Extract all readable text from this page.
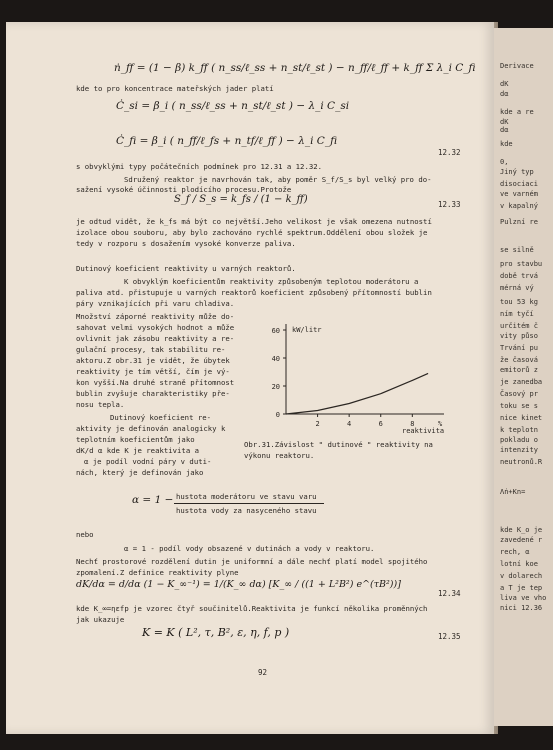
Derivace
dK
dα
kde a re
dK
dα
kde
0,
Jiný typ
disociaci
ve varném
v kapalný
Pulzní re
se silně
pro stavbu
době trvá
mérná vý
tou 53 kg
ním tyčí
určitém č
vity půso
Trvání pu
že časová
emitorů z
je zanedba
Časový pr
toku se s
nice kinet
k teplotn
pokladu o
intenzity
neutronů.R
Λṅ+Kn=
kde K_o je
zavedené r
rech, α
lotní koe
v dolarech
a T je tep
liva ve vho
nici 12.36
ṅ_ff = (1 − β) k_ff ( n_ss/ℓ_ss + n_st/ℓ_st ) − n_ff/ℓ_ff + k_ff Σ λ_i C_fi
kde to pro koncentrace mateřských jader platí
Ċ_si = β_i ( n_ss/ℓ_ss + n_st/ℓ_st ) − λ_i C_si
Ċ_fi = β_i ( n_ff/ℓ_fs + n_tf/ℓ_ff ) − λ_i C_fi
12.32
s obvyklými typy počátečních podmínek pro 12.31 a 12.32.
Sdružený reaktor je navrhován tak, aby poměr S_f/S_s byl velký pro do-
sažení vysoké účinnosti plodícího procesu.Protože
S_f / S_s = k_fs / (1 − k_ff)	12.33
je odtud vidět, že k_fs má být co největší.Jeho velikost je však omezena nutností
izolace obou souboru, aby bylo zachováno rychlé spektrum.Oddělení obou složek je
tedy v rozporu s dosažením vysoké konverze paliva.
Dutinový koeficient reaktivity u varných reaktorů.
K obvyklým koeficientům reaktivity způsobeným teplotou moderátoru a
paliva atd. přistupuje u varných reaktorů koeficient způsobený přítomností bublin
páry vznikajících při varu chladiva.
Množství záporné reaktivity může do-
sahovat velmi vysokých hodnot a může
ovlivnit jak zásobu reaktivity a re-
gulační procesy, tak stabilitu re-
aktoru.Z obr.31 je vidět, že úbytek
reaktivity je tím větší, čím je vý-
kon vyšší.Na druhé straně přítomnost
bublin zvyšuje charakteristiky pře-
nosu tepla.
Dutinový koeficient re-
aktivity je definován analogicky k
teplotním koeficientům jako
dK/d α kde K je reaktivita a
α je podíl vodní páry v duti-
nách, který je definován jako
0
20
40
60
2	4	6	8
kW/litr
reaktivita
%
Obr.31.Závislost " dutinové " reaktivity na
výkonu reaktoru.
α = 1 − hustota moderátoru ve stavu varu
hustota vody za nasyceného stavu
nebo
α = 1 - podíl vody obsazené v dutinách a vody v reaktoru.
Nechť prostorové rozdělení dutin je uniformní a dále nechť platí model spojitého
zpomalení.Z definice reaktivity plyne
dK/dα = d/dα (1 − K_∞⁻¹) = 1/(K_∞ dα) [K_∞ / ((1 + L²B²) e^(τB²))]
12.34
kde K_∞=ηεfp je vzorec čtyř součinitelů.Reaktivita je funkcí několika proměnných
jak ukazuje
K = K ( L², τ, B², ε, η, f, p )	12.35
92
